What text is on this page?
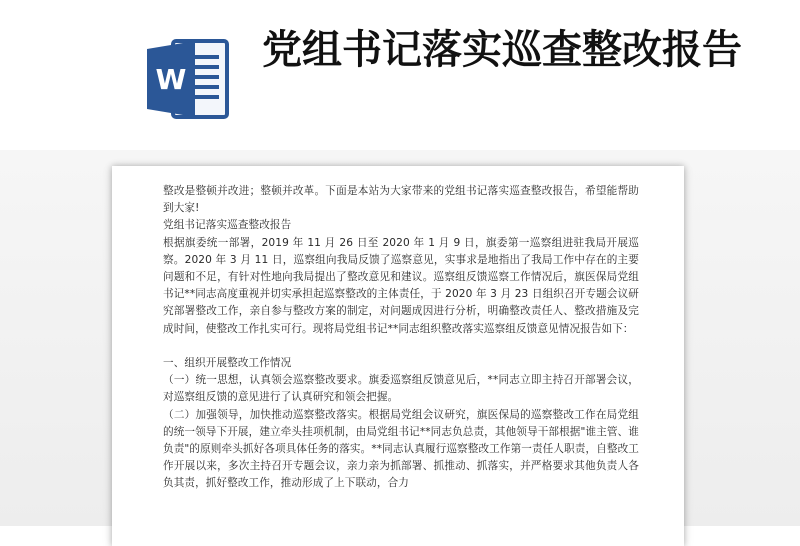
W
党组书记落实巡查整改报告

整改是整顿并改进；整顿并改革。下面是本站为大家带来的党组书记落实巡查整改报告，希望能帮助到大家!

党组书记落实巡查整改报告

根据旗委统一部署，2019 年 11 月 26 日至 2020 年 1 月 9 日，旗委第一巡察组进驻我局开展巡察。2020 年 3 月 11 日，巡察组向我局反馈了巡察意见，实事求是地指出了我局工作中存在的主要问题和不足，有针对性地向我局提出了整改意见和建议。巡察组反馈巡察工作情况后，旗医保局党组书记**同志高度重视并切实承担起巡察整改的主体责任，于 2020 年 3 月 23 日组织召开专题会议研究部署整改工作，亲自参与整改方案的制定，对问题成因进行分析，明确整改责任人、整改措施及完成时间，使整改工作扎实可行。现将局党组书记**同志组织整改落实巡察组反馈意见情况报告如下：

一、组织开展整改工作情况

（一）统一思想，认真领会巡察整改要求。旗委巡察组反馈意见后，**同志立即主持召开部署会议，对巡察组反馈的意见进行了认真研究和领会把握。

（二）加强领导，加快推动巡察整改落实。根据局党组会议研究，旗医保局的巡察整改工作在局党组的统一领导下开展，建立牵头挂项机制，由局党组书记**同志负总责，其他领导干部根据"谁主管、谁负责"的原则牵头抓好各项具体任务的落实。**同志认真履行巡察整改工作第一责任人职责，自整改工作开展以来，多次主持召开专题会议，亲力亲为抓部署、抓推动、抓落实，并严格要求其他负责人各负其责，抓好整改工作，推动形成了上下联动，合力
